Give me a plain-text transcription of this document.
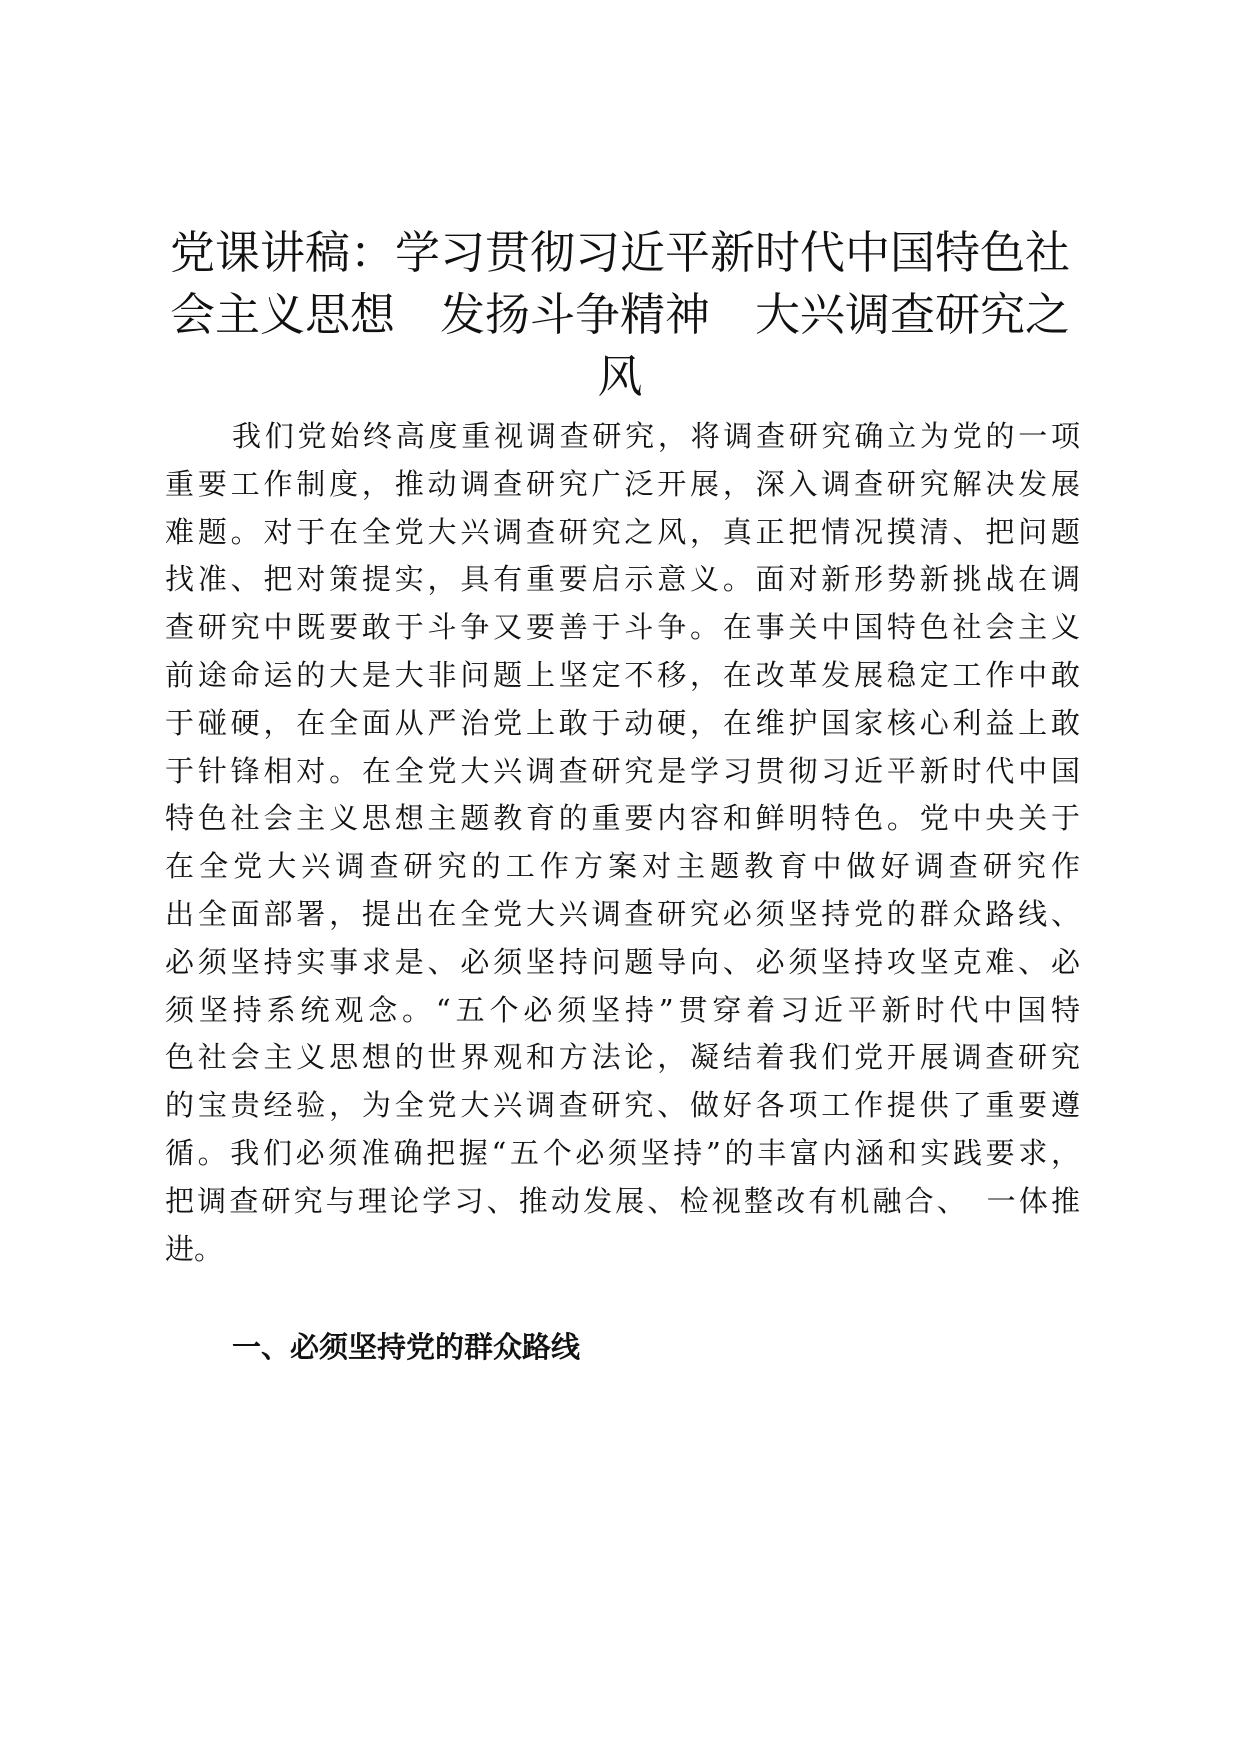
党课讲稿：学习贯彻习近平新时代中国特色社
会主义思想　发扬斗争精神　大兴调查研究之
风

我们党始终高度重视调查研究，将调查研究确立为党的一项
重要工作制度，推动调查研究广泛开展，深入调查研究解决发展
难题。对于在全党大兴调查研究之风，真正把情况摸清、把问题
找准、把对策提实，具有重要启示意义。面对新形势新挑战在调
查研究中既要敢于斗争又要善于斗争。在事关中国特色社会主义
前途命运的大是大非问题上坚定不移，在改革发展稳定工作中敢
于碰硬，在全面从严治党上敢于动硬，在维护国家核心利益上敢
于针锋相对。在全党大兴调查研究是学习贯彻习近平新时代中国
特色社会主义思想主题教育的重要内容和鲜明特色。党中央关于
在全党大兴调查研究的工作方案对主题教育中做好调查研究作
出全面部署，提出在全党大兴调查研究必须坚持党的群众路线、
必须坚持实事求是、必须坚持问题导向、必须坚持攻坚克难、必
须坚持系统观念。“五个必须坚持”贯穿着习近平新时代中国特
色社会主义思想的世界观和方法论，凝结着我们党开展调查研究
的宝贵经验，为全党大兴调查研究、做好各项工作提供了重要遵
循。我们必须准确把握“五个必须坚持”的丰富内涵和实践要求，
把调查研究与理论学习、推动发展、检视整改有机融合、　一体推
进。

一、必须坚持党的群众路线
